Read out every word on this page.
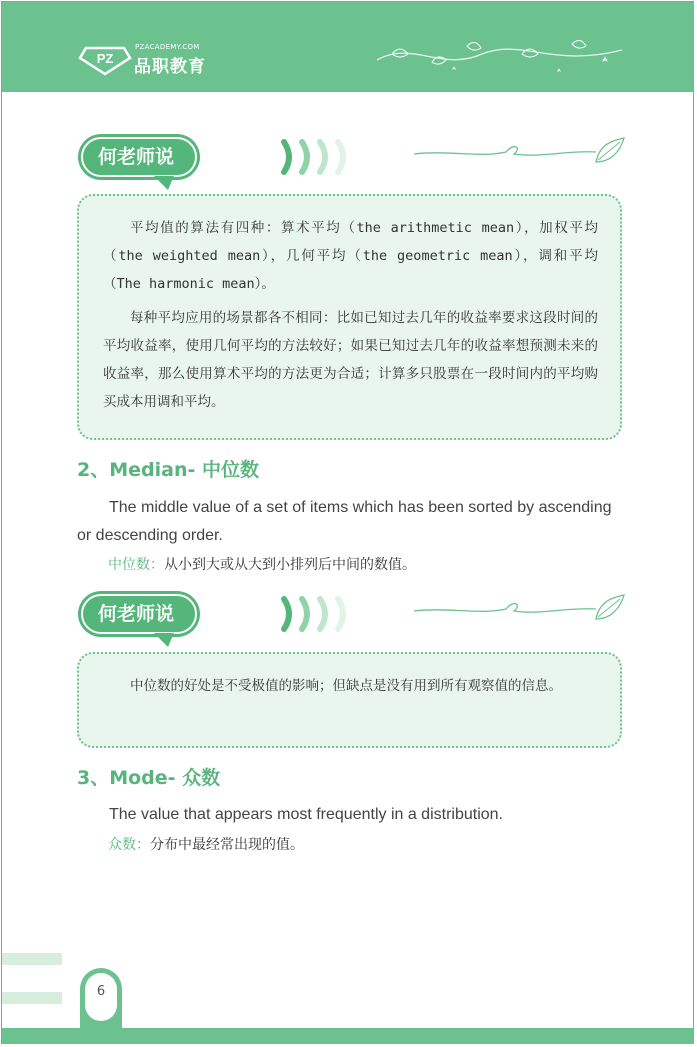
PZ
PZACADEMY.COM
品职教育
何老师说

平均值的算法有四种：算术平均（the arithmetic mean），加权平均（the weighted mean），几何平均（the geometric mean），调和平均（The harmonic mean）。

每种平均应用的场景都各不相同：比如已知过去几年的收益率要求这段时间的平均收益率，使用几何平均的方法较好；如果已知过去几年的收益率想预测未来的收益率，那么使用算术平均的方法更为合适；计算多只股票在一段时间内的平均购买成本用调和平均。

2、Median- 中位数
The middle value of a set of items which has been sorted by ascending or descending order.
中位数：从小到大或从大到小排列后中间的数值。
何老师说

中位数的好处是不受极值的影响；但缺点是没有用到所有观察值的信息。

3、Mode- 众数
The value that appears most frequently in a distribution.
众数：分布中最经常出现的值。
6
